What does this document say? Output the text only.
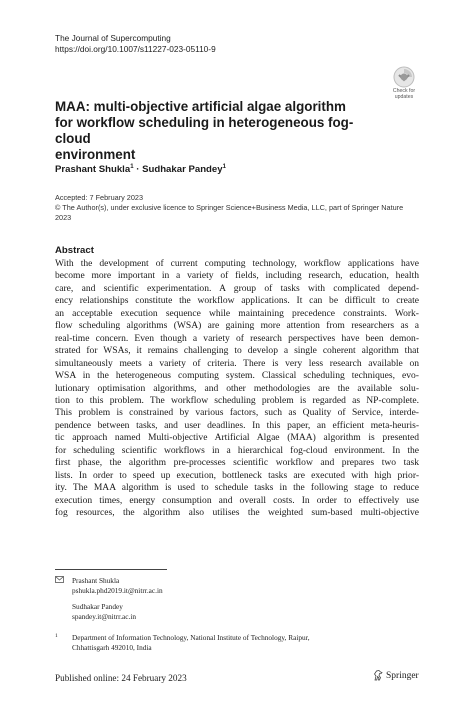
The Journal of Supercomputing
https://doi.org/10.1007/s11227-023-05110-9
Check for
updates
MAA: multi-objective artificial algae algorithm
for workflow scheduling in heterogeneous fog-cloud
environment
Prashant Shukla$^1$ · Sudhakar Pandey$^1$
Accepted: 7 February 2023
© The Author(s), under exclusive licence to Springer Science+Business Media, LLC, part of Springer Nature
2023
Abstract
With the development of current computing technology, workflow applications have
become more important in a variety of fields, including research, education, health
care, and scientific experimentation. A group of tasks with complicated depend-
ency relationships constitute the workflow applications. It can be difficult to create
an acceptable execution sequence while maintaining precedence constraints. Work-
flow scheduling algorithms (WSA) are gaining more attention from researchers as a
real-time concern. Even though a variety of research perspectives have been demon-
strated for WSAs, it remains challenging to develop a single coherent algorithm that
simultaneously meets a variety of criteria. There is very less research available on
WSA in the heterogeneous computing system. Classical scheduling techniques, evo-
lutionary optimisation algorithms, and other methodologies are the available solu-
tion to this problem. The workflow scheduling problem is regarded as NP-complete.
This problem is constrained by various factors, such as Quality of Service, interde-
pendence between tasks, and user deadlines. In this paper, an efficient meta-heuris-
tic approach named Multi-objective Artificial Algae (MAA) algorithm is presented
for scheduling scientific workflows in a hierarchical fog-cloud environment. In the
first phase, the algorithm pre-processes scientific workflow and prepares two task
lists. In order to speed up execution, bottleneck tasks are executed with high prior-
ity. The MAA algorithm is used to schedule tasks in the following stage to reduce
execution times, energy consumption and overall costs. In order to effectively use
fog resources, the algorithm also utilises the weighted sum-based multi-objective
Prashant Shukla
pshukla.phd2019.it@nitrr.ac.in
Sudhakar Pandey
spandey.it@nitrr.ac.in
1 Department of Information Technology, National Institute of Technology, Raipur,
Chhattisgarh 492010, India
Published online: 24 February 2023	Springer
